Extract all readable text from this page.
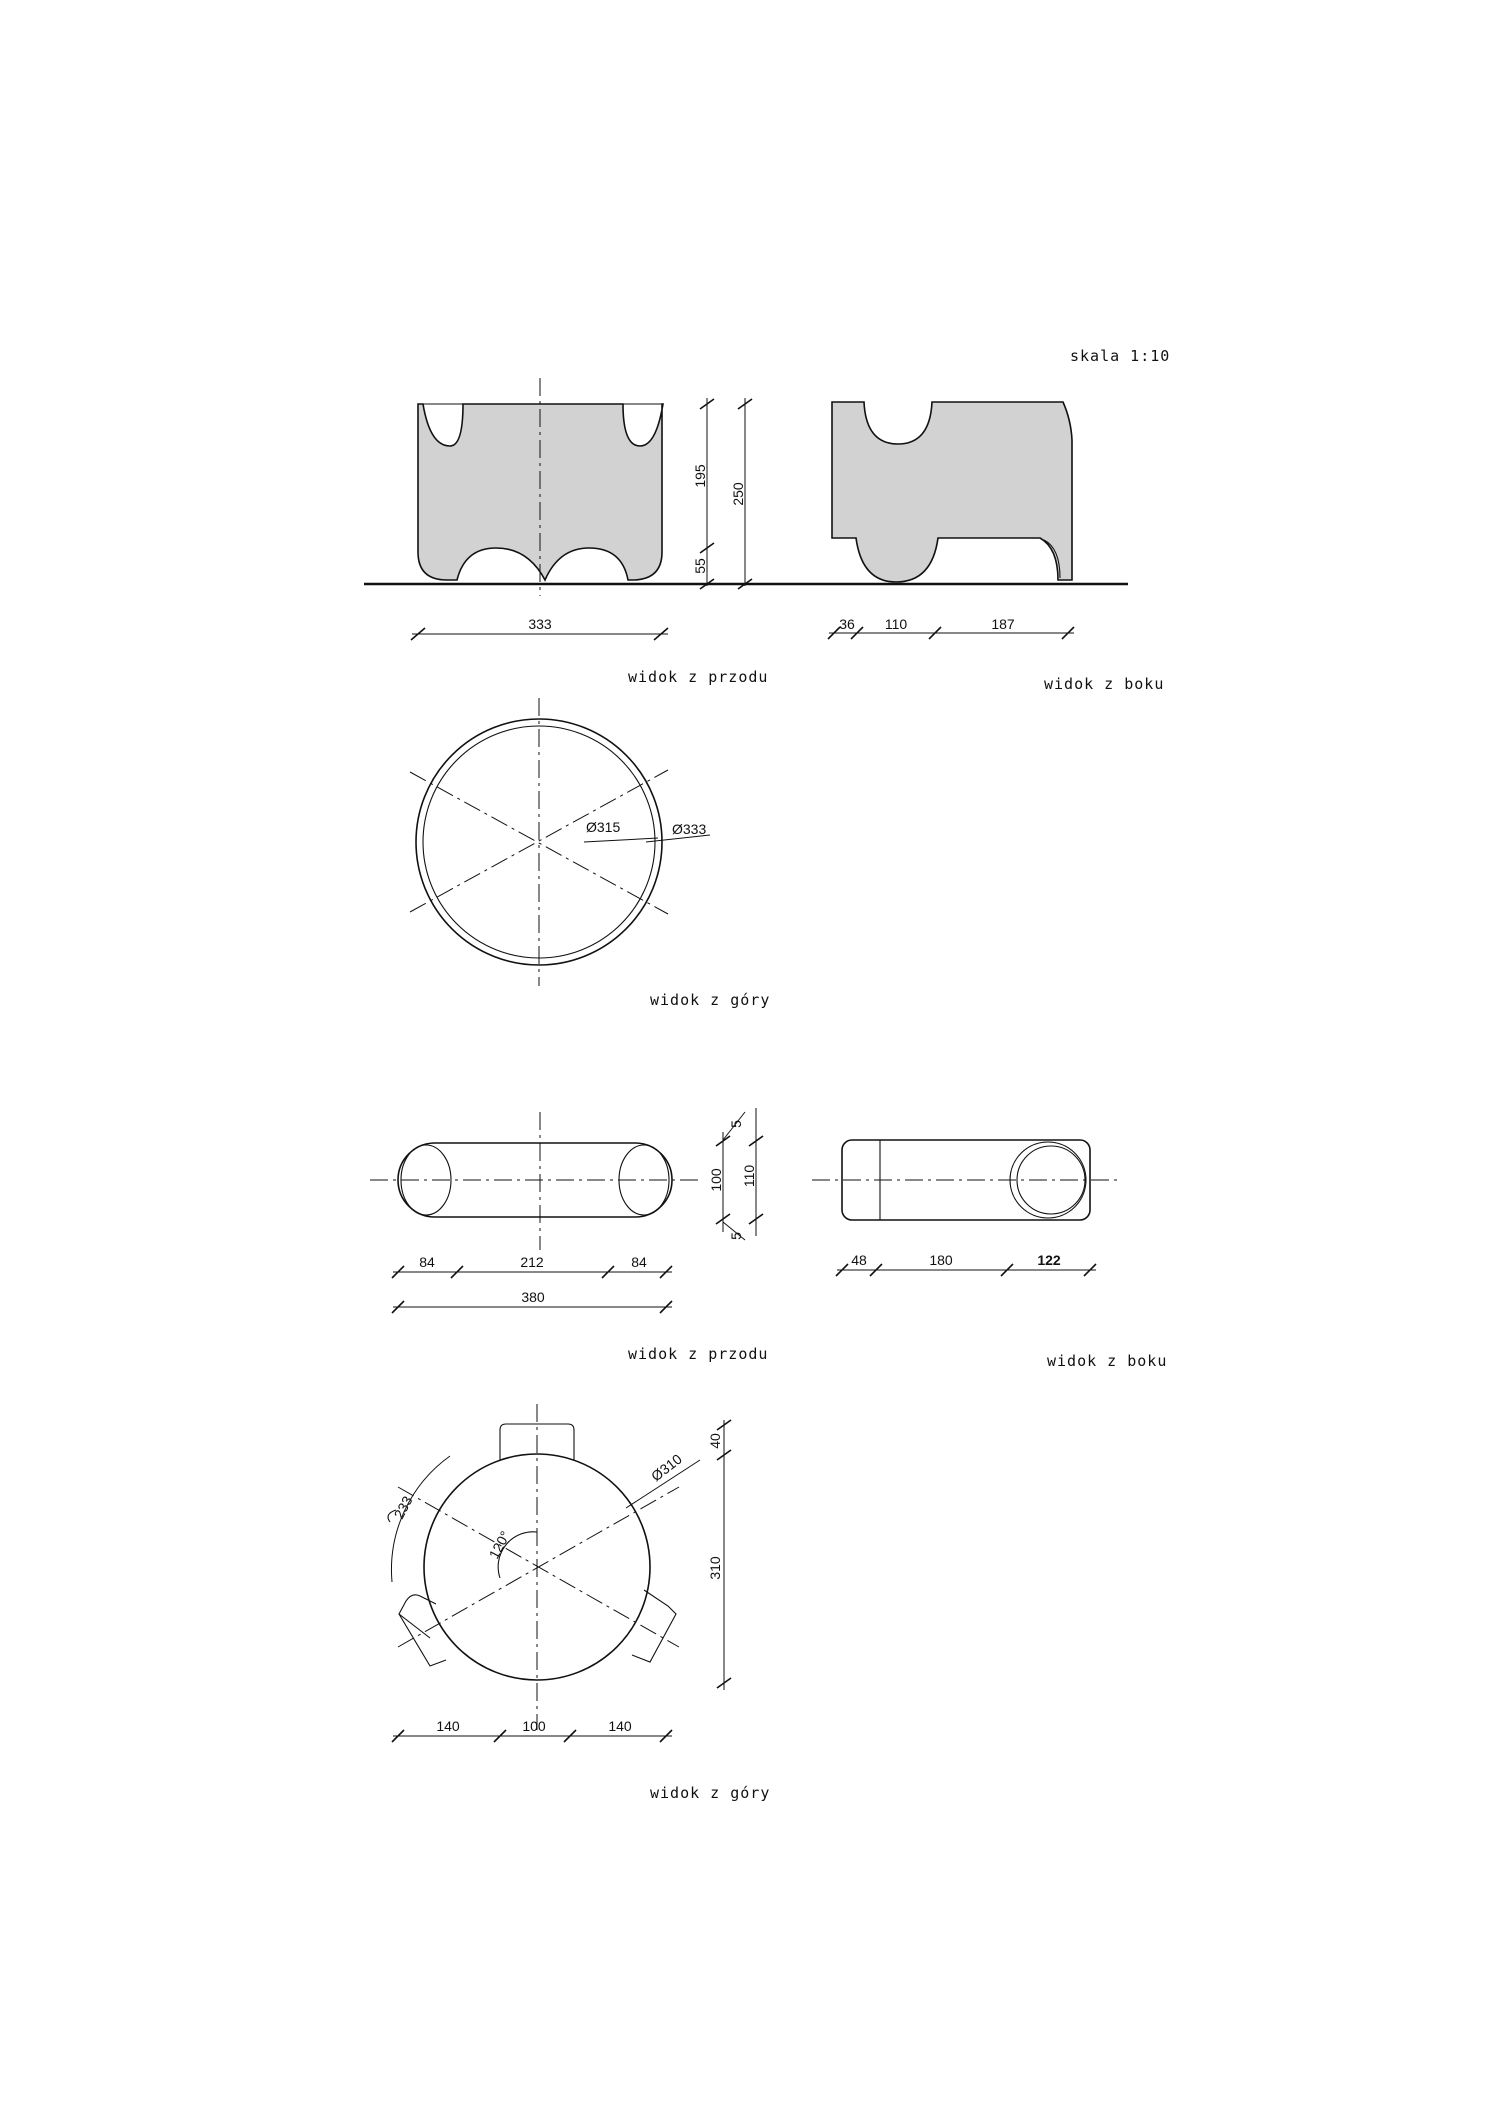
skala 1:10
195
250
55
333
widok z przodu
36 110	187
widok z boku
Ø315	Ø333
widok z góry
5
100 110
5
84	212	84
380
widok z przodu
48	180	122
widok z boku
120°
233
Ø310
40
310
140	100	140
widok z góry
